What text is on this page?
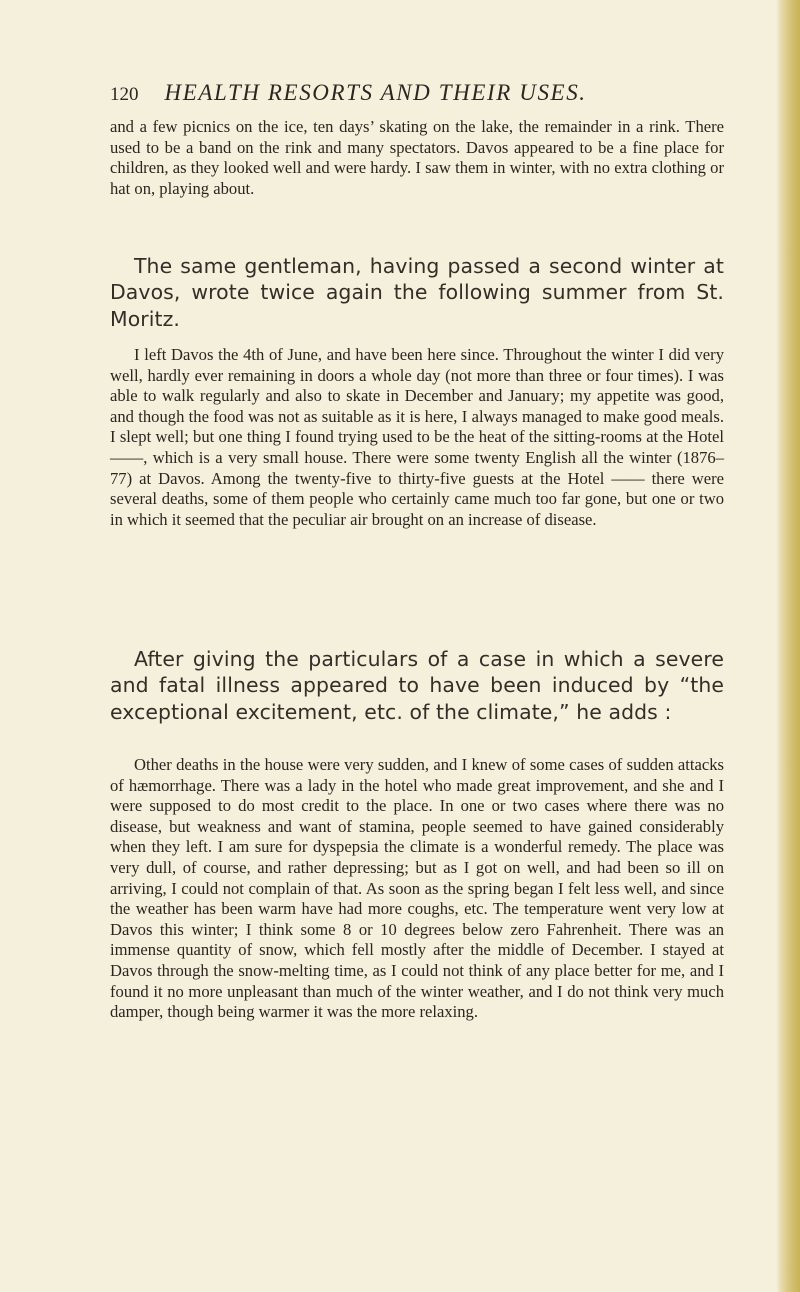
120 HEALTH RESORTS AND THEIR USES.

and a few picnics on the ice, ten days’ skating on the lake, the remainder in a rink. There used to be a band on the rink and many spectators. Davos appeared to be a fine place for children, as they looked well and were hardy. I saw them in winter, with no extra clothing or hat on, playing about.

The same gentleman, having passed a second winter at Davos, wrote twice again the following summer from St. Moritz.

I left Davos the 4th of June, and have been here since. Throughout the winter I did very well, hardly ever remaining in doors a whole day (not more than three or four times). I was able to walk regularly and also to skate in December and January; my appetite was good, and though the food was not as suitable as it is here, I always managed to make good meals. I slept well; but one thing I found trying used to be the heat of the sitting-rooms at the Hotel ——, which is a very small house. There were some twenty English all the winter (1876–77) at Davos. Among the twenty-five to thirty-five guests at the Hotel —— there were several deaths, some of them people who certainly came much too far gone, but one or two in which it seemed that the peculiar air brought on an increase of disease.

After giving the particulars of a case in which a severe and fatal illness appeared to have been induced by “the exceptional excitement, etc. of the climate,” he adds :

Other deaths in the house were very sudden, and I knew of some cases of sudden attacks of hæmorrhage. There was a lady in the hotel who made great improvement, and she and I were supposed to do most credit to the place. In one or two cases where there was no disease, but weakness and want of stamina, people seemed to have gained considerably when they left. I am sure for dyspepsia the climate is a wonderful remedy. The place was very dull, of course, and rather depressing; but as I got on well, and had been so ill on arriving, I could not complain of that. As soon as the spring began I felt less well, and since the weather has been warm have had more coughs, etc. The temperature went very low at Davos this winter; I think some 8 or 10 degrees below zero Fahrenheit. There was an immense quantity of snow, which fell mostly after the middle of December. I stayed at Davos through the snow-melting time, as I could not think of any place better for me, and I found it no more unpleasant than much of the winter weather, and I do not think very much damper, though being warmer it was the more relaxing.
